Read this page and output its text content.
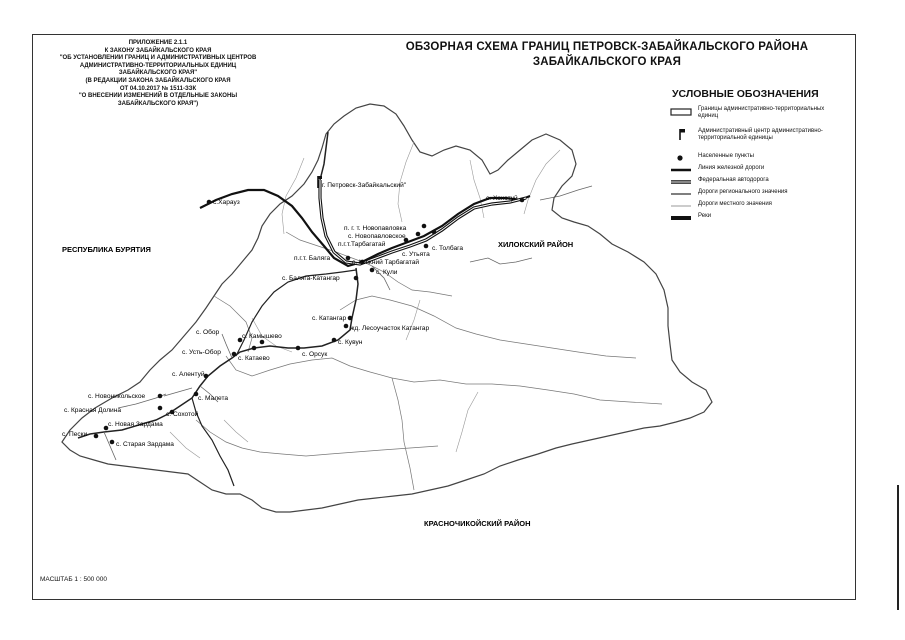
ПРИЛОЖЕНИЕ 2.1.1
К ЗАКОНУ ЗАБАЙКАЛЬСКОГО КРАЯ
"ОБ УСТАНОВЛЕНИИ ГРАНИЦ И АДМИНИСТРАТИВНЫХ ЦЕНТРОВ
АДМИНИСТРАТИВНО-ТЕРРИТОРИАЛЬНЫХ ЕДИНИЦ
ЗАБАЙКАЛЬСКОГО КРАЯ"
(В РЕДАКЦИИ ЗАКОНА ЗАБАЙКАЛЬСКОГО КРАЯ
ОТ 04.10.2017 № 1511-ЗЗК
"О ВНЕСЕНИИ ИЗМЕНЕНИЙ В ОТДЕЛЬНЫЕ ЗАКОНЫ
ЗАБАЙКАЛЬСКОГО КРАЯ")
ОБЗОРНАЯ СХЕМА ГРАНИЦ ПЕТРОВСК-ЗАБАЙКАЛЬСКОГО РАЙОНА
ЗАБАЙКАЛЬСКОГО КРАЯ
УСЛОВНЫЕ ОБОЗНАЧЕНИЯ
Границы административно-территориальных единиц
Административный центр административно-территориальной единицы
Населенные пункты
Линия железной дороги
Федеральная автодорога
Дороги регионального значения
Дороги местного значения
Реки
РЕСПУБЛИКА БУРЯТИЯ
ХИЛОКСКИЙ РАЙОН
КРАСНОЧИКОЙСКИЙ РАЙОН
г. Петровск-Забайкальский"
с.Харауз
п. г. т. Новопавловка
с. Новопавловское
п.г.т.Тарбагатай
с. Утьята
с. Толбага
с. Хохотуй
п.г.т. Баляга
с. Нижний Тарбагатай
с. Кули
с. Баляга-Катангар
с. Катангар
жд. Лесоучасток Катангар
с. Кувун
с. Орсук
с. Обор
с. Камышево
с. Усть-Обор
с. Катаево
с. Алентуй
с. Новоникольское	с. Малета
с. Красная Долина
с. Сохотой
с. Новая Зардама
с. Пески
с. Старая Зардама
МАСШТАБ 1 : 500 000
